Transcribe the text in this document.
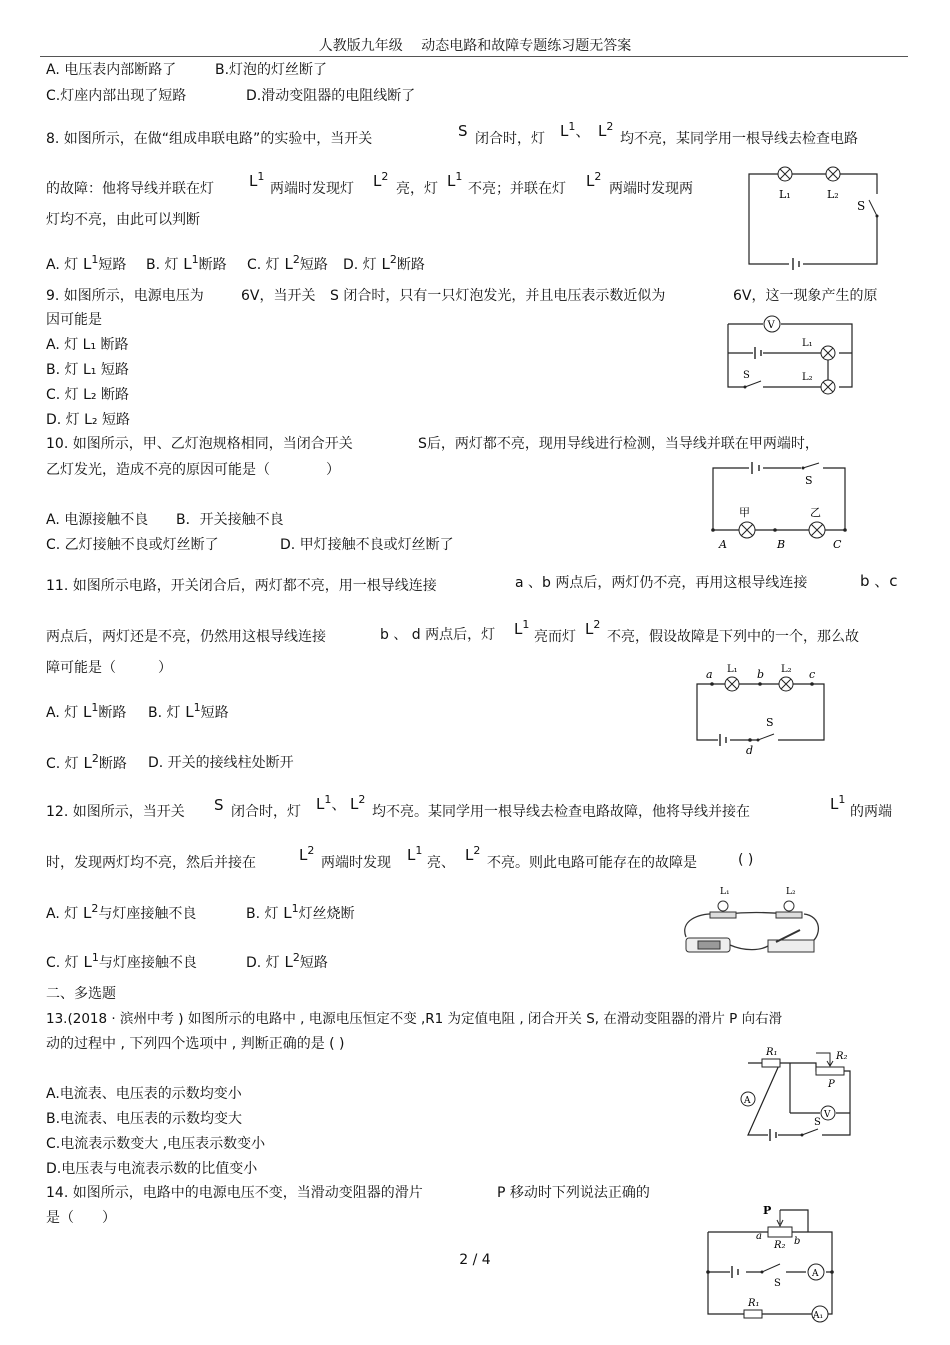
人教版九年级　 动态电路和故障专题练习题无答案
A. 电压表内部断路了	B.灯泡的灯丝断了
C.灯座内部出现了短路	D.滑动变阻器的电阻线断了
8. 如图所示，在做“组成串联电路”的实验中，当开关	S 闭合时，灯 $L^1$、 $L^2$
均不亮，某同学用一根导线去检查电路
的故障：他将导线并联在灯 $L^1$
两端时发现灯 $L^2$
亮，灯 $L^1$
不亮；并联在灯 $L^2$
两端时发现两
灯均不亮，由此可以判断
A. 灯 $L^1$短路 B. 灯 $L^1$断路 C. 灯 $L^2$短路 D. 灯 $L^2$断路
L₁	L₂
S
9. 如图所示，电源电压为	6V，当开关 S 闭合时，只有一只灯泡发光，并且电压表示数近似为	6V，这一现象产生的原
因可能是
A. 灯 L₁ 断路
B. 灯 L₁ 短路
C. 灯 L₂ 断路
D. 灯 L₂ 短路
V
L₁
L₂
S
10. 如图所示，甲、乙灯泡规格相同，当闭合开关	S后，两灯都不亮，现用导线进行检测，当导线并联在甲两端时，
乙灯发光，造成不亮的原因可能是（　　　　）
A. 电源接触不良 B．开关接触不良
C. 乙灯接触不良或灯丝断了	D. 甲灯接触不良或灯丝断了
S
甲	乙
A	B	C
11. 如图所示电路，开关闭合后，两灯都不亮，用一根导线连接	a 、b 两点后，两灯仍不亮，再用这根导线连接	b 、c
两点后，两灯还是不亮，仍然用这根导线连接	b 、 d 两点后，灯 $L^1$
亮而灯 $L^2$
不亮，假设故障是下列中的一个，那么故
障可能是（　　　）
A. 灯 $L^1$断路 B. 灯 $L^1$短路
C. 灯 $L^2$断路 D. 开关的接线柱处断开
a	b	c
d
L₁	L₂
S
12. 如图所示，当开关 S 闭合时，灯 $L^1$、 $L^2$
均不亮。某同学用一根导线去检查电路故障，他将导线并接在	$L^1$
的两端
时，发现两灯均不亮，然后并接在	$L^2$
两端时发现 $L^1$
亮、 $L^2$
不亮。则此电路可能存在的故障是	( )
A. 灯 $L^2$与灯座接触不良	B. 灯 $L^1$灯丝烧断
C. 灯 $L^1$与灯座接触不良	D. 灯 $L^2$短路
L₁	L₂
二、多选题
13.(2018 · 滨州中考 ) 如图所示的电路中 , 电源电压恒定不变 ,R1 为定值电阻 , 闭合开关 S, 在滑动变阻器的滑片 P 向右滑
动的过程中 , 下列四个选项中 , 判断正确的是 ( )
A.电流表、电压表的示数均变小
B.电流表、电压表的示数均变大
C.电流表示数变大 ,电压表示数变小
D.电压表与电流表示数的比值变小
R₁	R₂
P
V
A
S
14. 如图所示，电路中的电源电压不变，当滑动变阻器的滑片	P 移动时下列说法正确的
是（　　）	P
a	b
R₂
S
A
R₁
A₁
2 / 4
